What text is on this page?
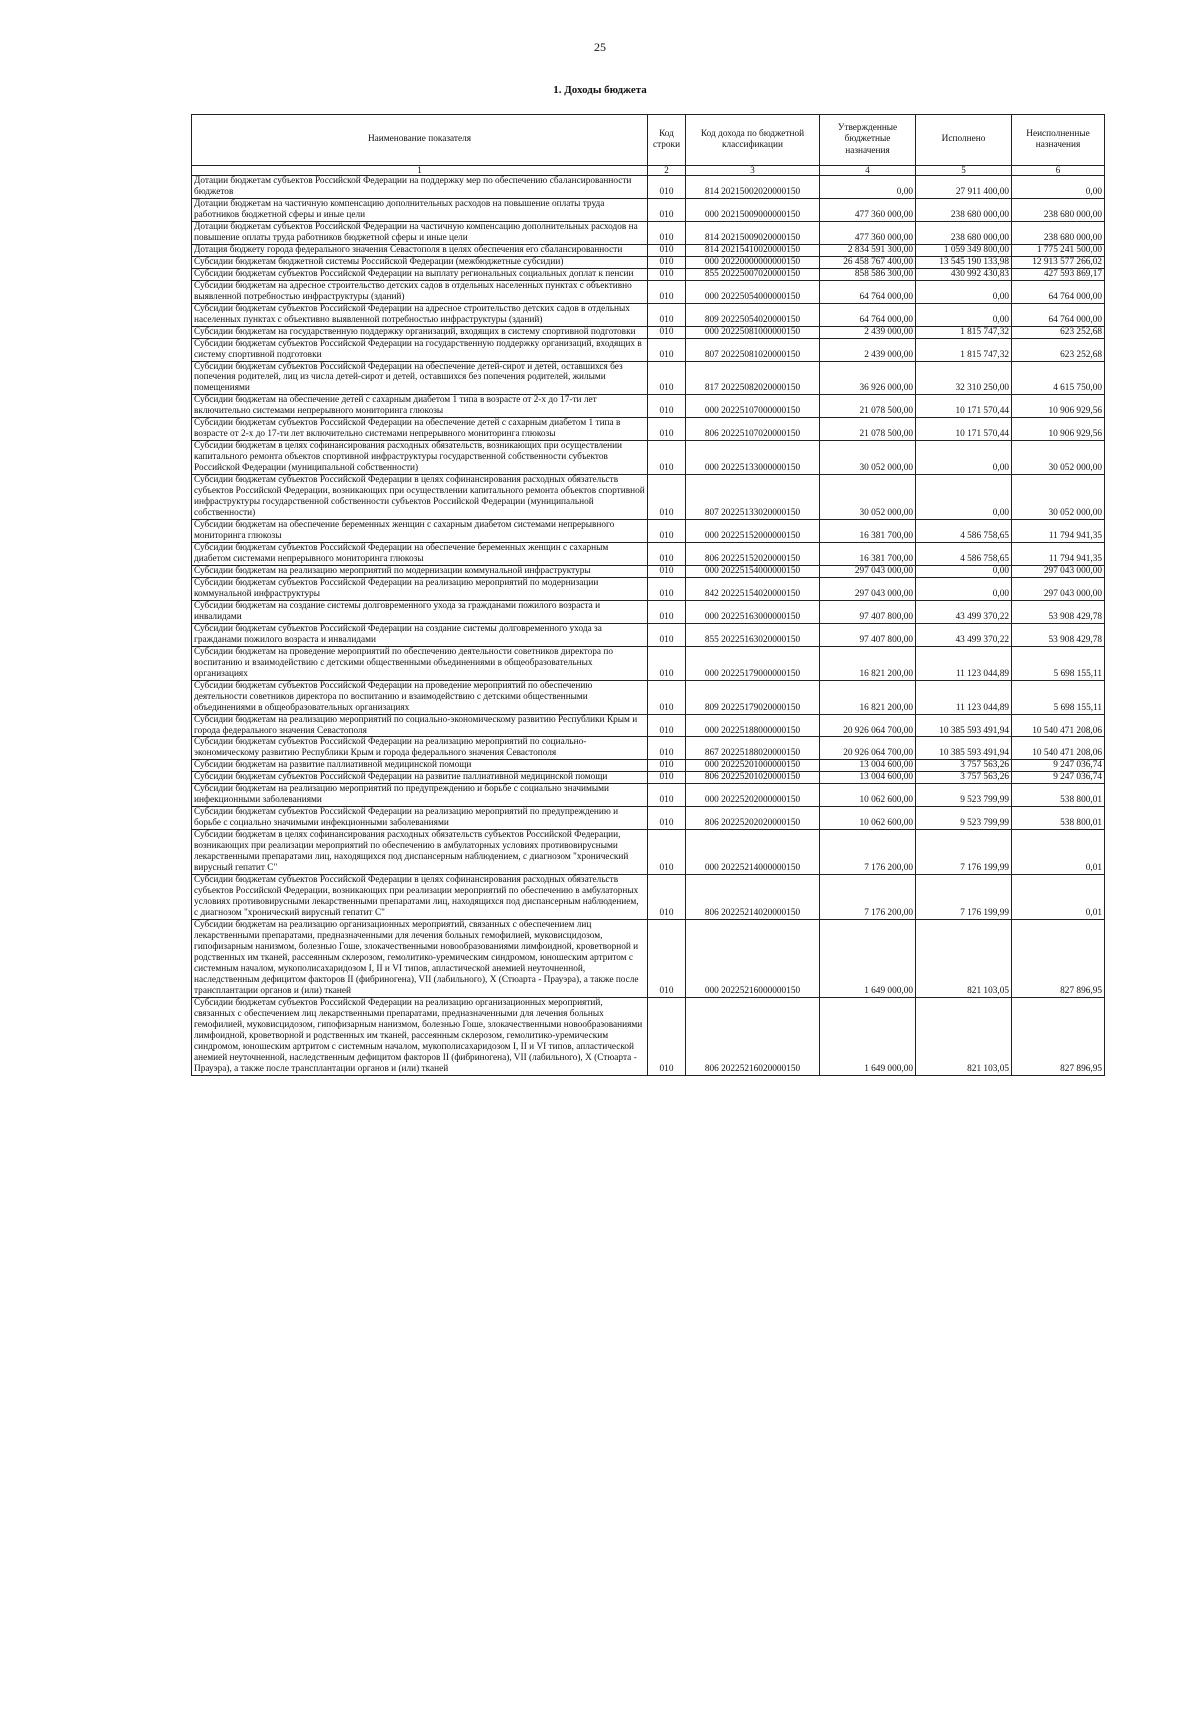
25
1. Доходы бюджета
Наименование показателя	Код строки	Код дохода по бюджетной классификации	Утвержденные бюджетные назначения	Исполнено	Неисполненные назначения
1	2	3	4	5	6
Дотации бюджетам субъектов Российской Федерации на поддержку мер по обеспечению сбалансированности бюджетов	010	814 20215002020000150	0,00	27 911 400,00	0,00
Дотации бюджетам на частичную компенсацию дополнительных расходов на повышение оплаты труда работников бюджетной сферы и иные цели	010	000 20215009000000150	477 360 000,00	238 680 000,00	238 680 000,00
Дотации бюджетам субъектов Российской Федерации на частичную компенсацию дополнительных расходов на повышение оплаты труда работников бюджетной сферы и иные цели	010	814 20215009020000150	477 360 000,00	238 680 000,00	238 680 000,00
Дотация бюджету города федерального значения Севастополя в целях обеспечения его сбалансированности	010	814 20215410020000150	2 834 591 300,00	1 059 349 800,00	1 775 241 500,00
Субсидии бюджетам бюджетной системы Российской Федерации (межбюджетные субсидии)	010	000 20220000000000150	26 458 767 400,00	13 545 190 133,98	12 913 577 266,02
Субсидии бюджетам субъектов Российской Федерации на выплату региональных социальных доплат к пенсии	010	855 20225007020000150	858 586 300,00	430 992 430,83	427 593 869,17
Субсидии бюджетам на адресное строительство детских садов в отдельных населенных пунктах с объективно выявленной потребностью инфраструктуры (зданий)	010	000 20225054000000150	64 764 000,00	0,00	64 764 000,00
Субсидии бюджетам субъектов Российской Федерации на адресное строительство детских садов в отдельных населенных пунктах с объективно выявленной потребностью инфраструктуры (зданий)	010	809 20225054020000150	64 764 000,00	0,00	64 764 000,00
Субсидии бюджетам на государственную поддержку организаций, входящих в систему спортивной подготовки	010	000 20225081000000150	2 439 000,00	1 815 747,32	623 252,68
Субсидии бюджетам субъектов Российской Федерации на государственную поддержку организаций, входящих в систему спортивной подготовки	010	807 20225081020000150	2 439 000,00	1 815 747,32	623 252,68
Субсидии бюджетам субъектов Российской Федерации на обеспечение детей-сирот и детей, оставшихся без попечения родителей, лиц из числа детей-сирот и детей, оставшихся без попечения родителей, жилыми помещениями	010	817 20225082020000150	36 926 000,00	32 310 250,00	4 615 750,00
Субсидии бюджетам на обеспечение детей с сахарным диабетом 1 типа в возрасте от 2-х до 17-ти лет включительно системами непрерывного мониторинга глюкозы	010	000 20225107000000150	21 078 500,00	10 171 570,44	10 906 929,56
Субсидии бюджетам субъектов Российской Федерации на обеспечение детей с сахарным диабетом 1 типа в возрасте от 2-х до 17-ти лет включительно системами непрерывного мониторинга глюкозы	010	806 20225107020000150	21 078 500,00	10 171 570,44	10 906 929,56
Субсидии бюджетам в целях софинансирования расходных обязательств, возникающих при осуществлении капитального ремонта объектов спортивной инфраструктуры государственной собственности субъектов Российской Федерации (муниципальной собственности)	010	000 20225133000000150	30 052 000,00	0,00	30 052 000,00
Субсидии бюджетам субъектов Российской Федерации в целях софинансирования расходных обязательств субъектов Российской Федерации, возникающих при осуществлении капитального ремонта объектов спортивной инфраструктуры государственной собственности субъектов Российской Федерации (муниципальной собственности)	010	807 20225133020000150	30 052 000,00	0,00	30 052 000,00
Субсидии бюджетам на обеспечение беременных женщин с сахарным диабетом системами непрерывного мониторинга глюкозы	010	000 20225152000000150	16 381 700,00	4 586 758,65	11 794 941,35
Субсидии бюджетам субъектов Российской Федерации на обеспечение беременных женщин с сахарным диабетом системами непрерывного мониторинга глюкозы	010	806 20225152020000150	16 381 700,00	4 586 758,65	11 794 941,35
Субсидии бюджетам на реализацию мероприятий по модернизации коммунальной инфраструктуры	010	000 20225154000000150	297 043 000,00	0,00	297 043 000,00
Субсидии бюджетам субъектов Российской Федерации на реализацию мероприятий по модернизации коммунальной инфраструктуры	010	842 20225154020000150	297 043 000,00	0,00	297 043 000,00
Субсидии бюджетам на создание системы долговременного ухода за гражданами пожилого возраста и инвалидами	010	000 20225163000000150	97 407 800,00	43 499 370,22	53 908 429,78
Субсидии бюджетам субъектов Российской Федерации на создание системы долговременного ухода за гражданами пожилого возраста и инвалидами	010	855 20225163020000150	97 407 800,00	43 499 370,22	53 908 429,78
Субсидии бюджетам на проведение мероприятий по обеспечению деятельности советников директора по воспитанию и взаимодействию с детскими общественными объединениями в общеобразовательных организациях	010	000 20225179000000150	16 821 200,00	11 123 044,89	5 698 155,11
Субсидии бюджетам субъектов Российской Федерации на проведение мероприятий по обеспечению деятельности советников директора по воспитанию и взаимодействию с детскими общественными объединениями в общеобразовательных организациях	010	809 20225179020000150	16 821 200,00	11 123 044,89	5 698 155,11
Субсидии бюджетам на реализацию мероприятий по социально-экономическому развитию Республики Крым и города федерального значения Севастополя	010	000 20225188000000150	20 926 064 700,00	10 385 593 491,94	10 540 471 208,06
Субсидии бюджетам субъектов Российской Федерации на реализацию мероприятий по социально-экономическому развитию Республики Крым и города федерального значения Севастополя	010	867 20225188020000150	20 926 064 700,00	10 385 593 491,94	10 540 471 208,06
Субсидии бюджетам на развитие паллиативной медицинской помощи	010	000 20225201000000150	13 004 600,00	3 757 563,26	9 247 036,74
Субсидии бюджетам субъектов Российской Федерации на развитие паллиативной медицинской помощи	010	806 20225201020000150	13 004 600,00	3 757 563,26	9 247 036,74
Субсидии бюджетам на реализацию мероприятий по предупреждению и борьбе с социально значимыми инфекционными заболеваниями	010	000 20225202000000150	10 062 600,00	9 523 799,99	538 800,01
Субсидии бюджетам субъектов Российской Федерации на реализацию мероприятий по предупреждению и борьбе с социально значимыми инфекционными заболеваниями	010	806 20225202020000150	10 062 600,00	9 523 799,99	538 800,01
Субсидии бюджетам в целях софинансирования расходных обязательств субъектов Российской Федерации, возникающих при реализации мероприятий по обеспечению в амбулаторных условиях противовирусными лекарственными препаратами лиц, находящихся под диспансерным наблюдением, с диагнозом "хронический вирусный гепатит С"	010	000 20225214000000150	7 176 200,00	7 176 199,99	0,01
Субсидии бюджетам субъектов Российской Федерации в целях софинансирования расходных обязательств субъектов Российской Федерации, возникающих при реализации мероприятий по обеспечению в амбулаторных условиях противовирусными лекарственными препаратами лиц, находящихся под диспансерным наблюдением, с диагнозом "хронический вирусный гепатит С"	010	806 20225214020000150	7 176 200,00	7 176 199,99	0,01
Субсидии бюджетам на реализацию организационных мероприятий, связанных с обеспечением лиц лекарственными препаратами, предназначенными для лечения больных гемофилией, муковисцидозом, гипофизарным нанизмом, болезнью Гоше, злокачественными новообразованиями лимфоидной, кроветворной и родственных им тканей, рассеянным склерозом, гемолитико-уремическим синдромом, юношеским артритом с системным началом, мукополисахаридозом I, II и VI типов, апластической анемией неуточненной, наследственным дефицитом факторов II (фибриногена), VII (лабильного), X (Стюарта - Прауэра), а также после трансплантации органов и (или) тканей	010	000 20225216000000150	1 649 000,00	821 103,05	827 896,95
Субсидии бюджетам субъектов Российской Федерации на реализацию организационных мероприятий, связанных с обеспечением лиц лекарственными препаратами, предназначенными для лечения больных гемофилией, муковисцидозом, гипофизарным нанизмом, болезнью Гоше, злокачественными новообразованиями лимфоидной, кроветворной и родственных им тканей, рассеянным склерозом, гемолитико-уремическим синдромом, юношеским артритом с системным началом, мукополисахаридозом I, II и VI типов, апластической анемией неуточненной, наследственным дефицитом факторов II (фибриногена), VII (лабильного), X (Стюарта - Прауэра), а также после трансплантации органов и (или) тканей	010	806 20225216020000150	1 649 000,00	821 103,05	827 896,95
